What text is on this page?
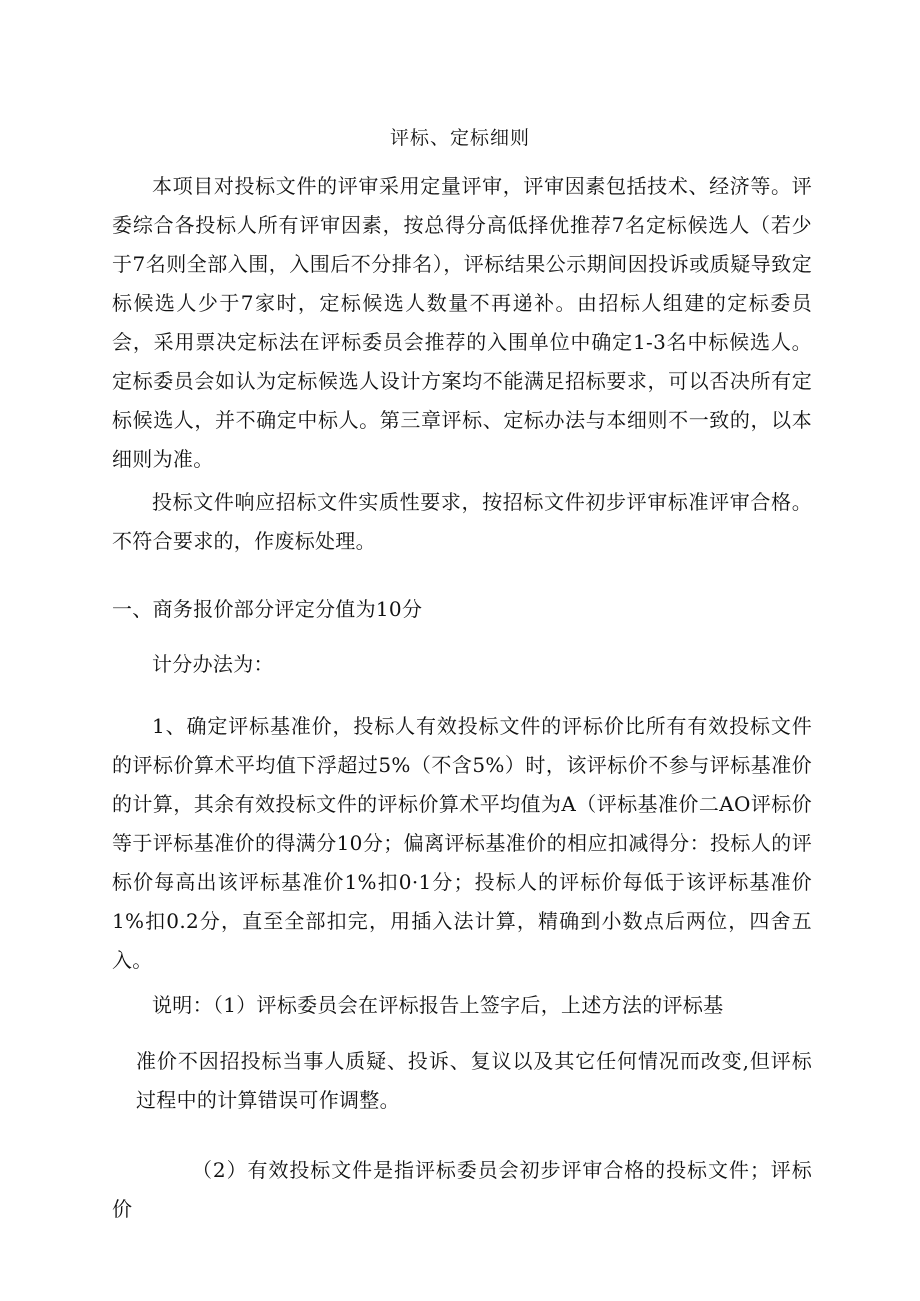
评标、定标细则
本项目对投标文件的评审采用定量评审，评审因素包括技术、经济等。评委综合各投标人所有评审因素，按总得分高低择优推荐7名定标候选人（若少于7名则全部入围，入围后不分排名），评标结果公示期间因投诉或质疑导致定标候选人少于7家时，定标候选人数量不再递补。由招标人组建的定标委员会，采用票决定标法在评标委员会推荐的入围单位中确定1-3名中标候选人。定标委员会如认为定标候选人设计方案均不能满足招标要求，可以否决所有定标候选人，并不确定中标人。第三章评标、定标办法与本细则不一致的，以本细则为准。
投标文件响应招标文件实质性要求，按招标文件初步评审标准评审合格。不符合要求的，作废标处理。
一、商务报价部分评定分值为10分
计分办法为：
1、确定评标基准价，投标人有效投标文件的评标价比所有有效投标文件的评标价算术平均值下浮超过5%（不含5%）时，该评标价不参与评标基准价的计算，其余有效投标文件的评标价算术平均值为A（评标基准价二AO评标价等于评标基准价的得满分10分；偏离评标基准价的相应扣减得分：投标人的评标价每高出该评标基准价1%扣0·1分；投标人的评标价每低于该评标基准价1%扣0.2分，直至全部扣完，用插入法计算，精确到小数点后两位，四舍五入。
说明：（1）评标委员会在评标报告上签字后，上述方法的评标基
准价不因招投标当事人质疑、投诉、复议以及其它任何情况而改变,但评标过程中的计算错误可作调整。
（2）有效投标文件是指评标委员会初步评审合格的投标文件；评标价
